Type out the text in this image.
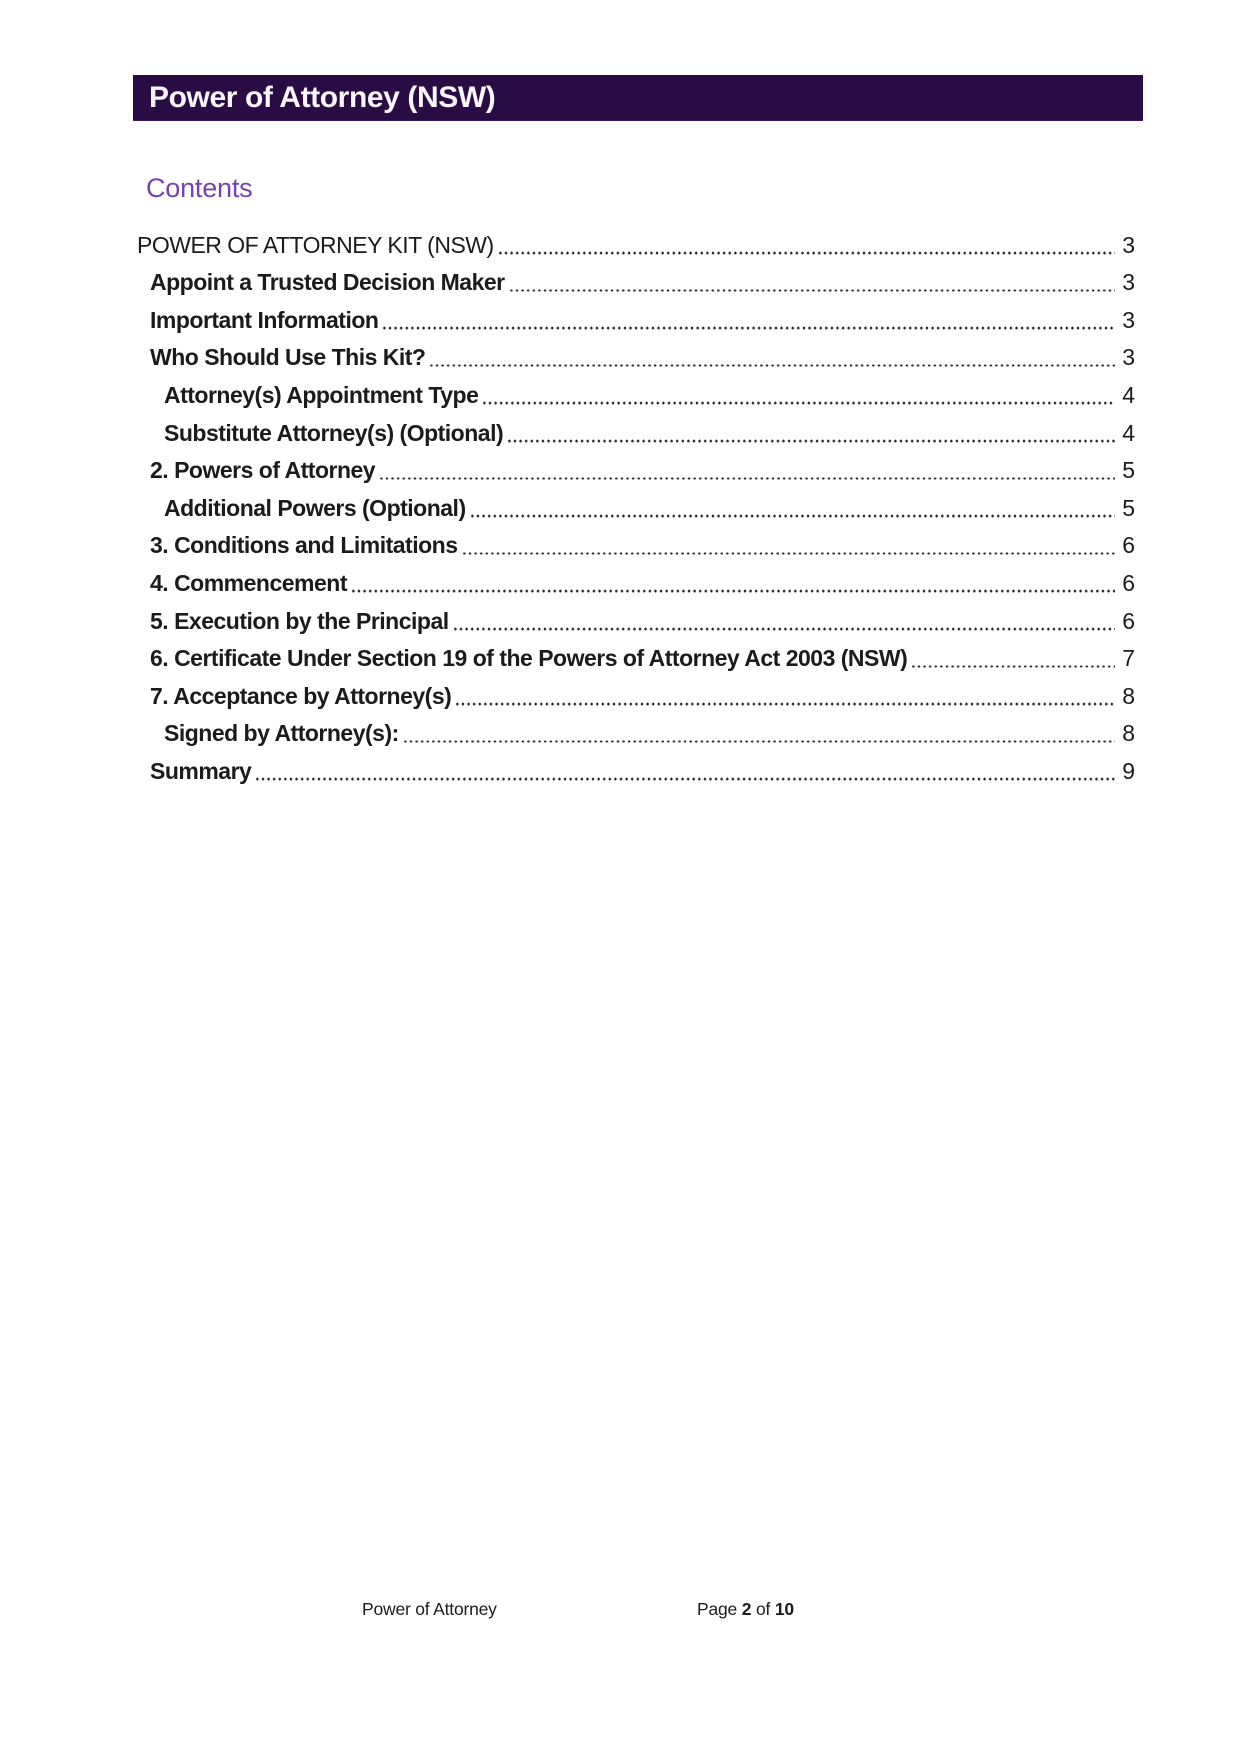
Power of Attorney (NSW)
Contents
POWER OF ATTORNEY KIT (NSW)	3
Appoint a Trusted Decision Maker	3
Important Information	3
Who Should Use This Kit?	3
Attorney(s) Appointment Type	4
Substitute Attorney(s) (Optional)	4
2. Powers of Attorney	5
Additional Powers (Optional)	5
3. Conditions and Limitations	6
4. Commencement	6
5. Execution by the Principal	6
6. Certificate Under Section 19 of the Powers of Attorney Act 2003 (NSW)	7
7. Acceptance by Attorney(s)	8
Signed by Attorney(s):	8
Summary	9
Power of Attorney	Page 2 of 10
